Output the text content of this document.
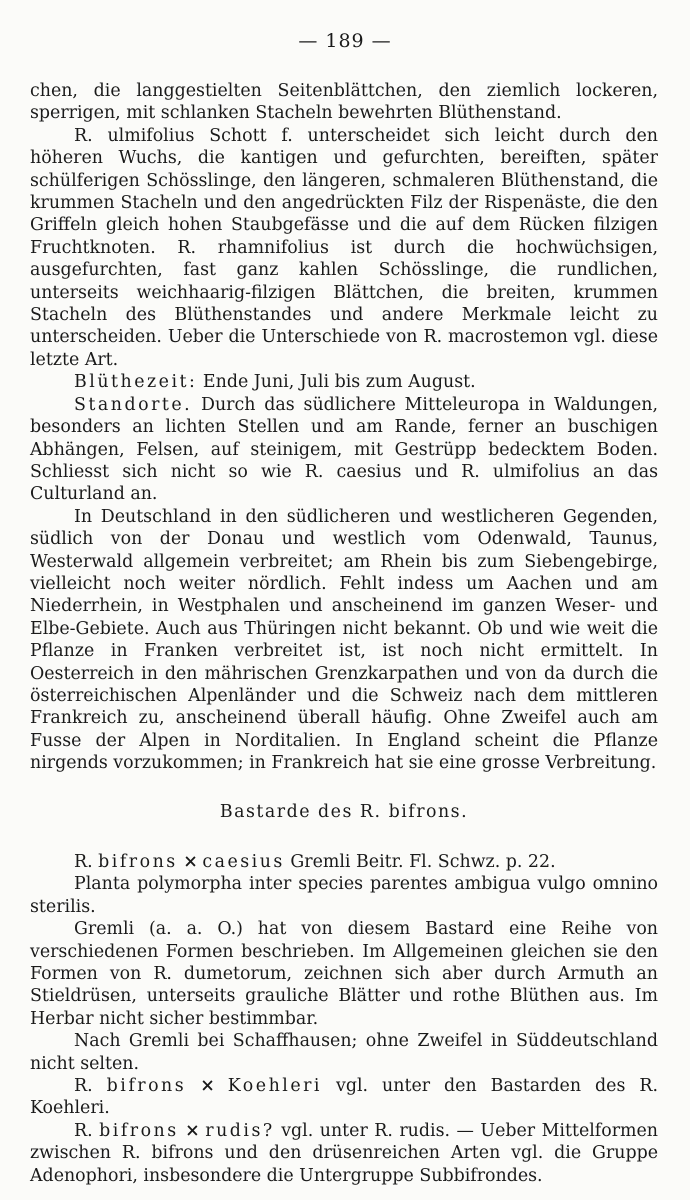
— 189 —

chen, die langgestielten Seitenblättchen, den ziemlich lockeren, sperrigen, mit schlanken Stacheln bewehrten Blüthenstand.

R. ulmifolius Schott f. unterscheidet sich leicht durch den höheren Wuchs, die kantigen und gefurchten, bereiften, später schülferigen Schösslinge, den längeren, schmaleren Blüthenstand, die krummen Stacheln und den angedrückten Filz der Rispenäste, die den Griffeln gleich hohen Staubgefässe und die auf dem Rücken filzigen Fruchtknoten. R. rhamnifolius ist durch die hochwüchsigen, ausgefurchten, fast ganz kahlen Schösslinge, die rundlichen, unterseits weichhaarig-filzigen Blättchen, die breiten, krummen Stacheln des Blüthenstandes und andere Merkmale leicht zu unterscheiden. Ueber die Unterschiede von R. macrostemon vgl. diese letzte Art.

Blüthezeit: Ende Juni, Juli bis zum August.

Standorte. Durch das südlichere Mitteleuropa in Waldungen, besonders an lichten Stellen und am Rande, ferner an buschigen Abhängen, Felsen, auf steinigem, mit Gestrüpp bedecktem Boden. Schliesst sich nicht so wie R. caesius und R. ulmifolius an das Culturland an.

In Deutschland in den südlicheren und westlicheren Gegenden, südlich von der Donau und westlich vom Odenwald, Taunus, Westerwald allgemein verbreitet; am Rhein bis zum Siebengebirge, vielleicht noch weiter nördlich. Fehlt indess um Aachen und am Niederrhein, in Westphalen und anscheinend im ganzen Weser- und Elbe-Gebiete. Auch aus Thüringen nicht bekannt. Ob und wie weit die Pflanze in Franken verbreitet ist, ist noch nicht ermittelt. In Oesterreich in den mährischen Grenzkarpathen und von da durch die österreichischen Alpenländer und die Schweiz nach dem mittleren Frankreich zu, anscheinend überall häufig. Ohne Zweifel auch am Fusse der Alpen in Norditalien. In England scheint die Pflanze nirgends vorzukommen; in Frankreich hat sie eine grosse Verbreitung.

Bastarde des R. bifrons.

R. bifrons × caesius Gremli Beitr. Fl. Schwz. p. 22.

Planta polymorpha inter species parentes ambigua vulgo omnino sterilis.

Gremli (a. a. O.) hat von diesem Bastard eine Reihe von verschiedenen Formen beschrieben. Im Allgemeinen gleichen sie den Formen von R. dumetorum, zeichnen sich aber durch Armuth an Stieldrüsen, unterseits grauliche Blätter und rothe Blüthen aus. Im Herbar nicht sicher bestimmbar.

Nach Gremli bei Schaffhausen; ohne Zweifel in Süddeutschland nicht selten.

R. bifrons × Koehleri vgl. unter den Bastarden des R. Koehleri.

R. bifrons × rudis? vgl. unter R. rudis. — Ueber Mittelformen zwischen R. bifrons und den drüsenreichen Arten vgl. die Gruppe Adenophori, insbesondere die Untergruppe Subbifrondes.
